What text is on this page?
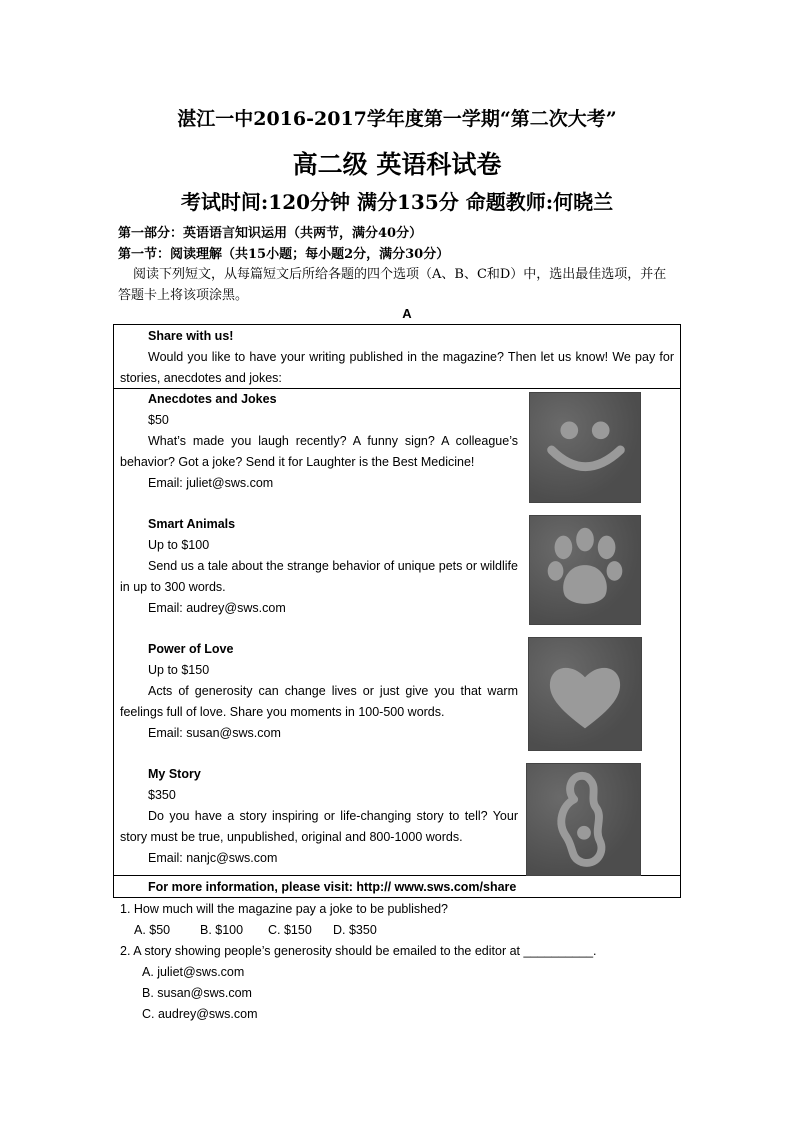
湛江一中2016-2017学年度第一学期“第二次大考”
高二级 英语科试卷
考试时间:120分钟 满分135分 命题教师:何晓兰
第一部分：英语语言知识运用（共两节，满分40分）
第一节：阅读理解（共15小题；每小题2分，满分30分）
阅读下列短文，从每篇短文后所给各题的四个选项（A、B、C和D）中，选出最佳选项，并在答题卡上将该项涂黑。
A
Share with us!
Would you like to have your writing published in the magazine? Then let us know! We pay for stories, anecdotes and jokes:
Anecdotes and Jokes
$50
What’s made you laugh recently? A funny sign? A colleague’s behavior? Got a joke? Send it for Laughter is the Best Medicine!
Email: juliet@sws.com
Smart Animals
Up to $100
Send us a tale about the strange behavior of unique pets or wildlife in up to 300 words.
Email: audrey@sws.com
Power of Love
Up to $150
Acts of generosity can change lives or just give you that warm feelings full of love. Share you moments in 100-500 words.
Email: susan@sws.com
My Story
$350
Do you have a story inspiring or life-changing story to tell? Your story must be true, unpublished, original and 800-1000 words.
Email: nanjc@sws.com
For more information, please visit: http:// www.sws.com/share
1. How much will the magazine pay a joke to be published?
A. $50 B. $100 C. $150 D. $350
2. A story showing people’s generosity should be emailed to the editor at __________.
A. juliet@sws.com
B. susan@sws.com
C. audrey@sws.com
